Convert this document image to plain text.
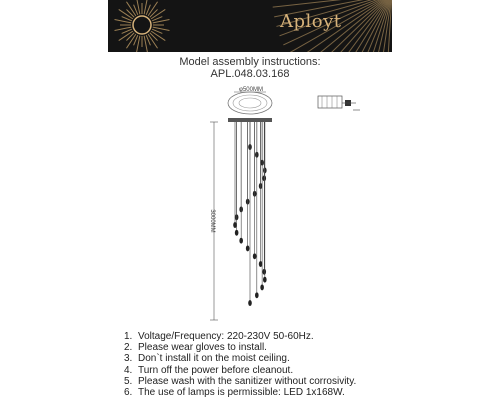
Aployt
Model assembly instructions:
APL.048.03.168
φ500MM
3000MM
1. Voltage/Frequency: 220-230V 50-60Hz.
2. Please wear gloves to install.
3. Don`t install it on the moist ceiling.
4. Turn off the power before cleanout.
5. Please wash with the sanitizer without corrosivity.
6. The use of lamps is permissible: LED 1x168W.
